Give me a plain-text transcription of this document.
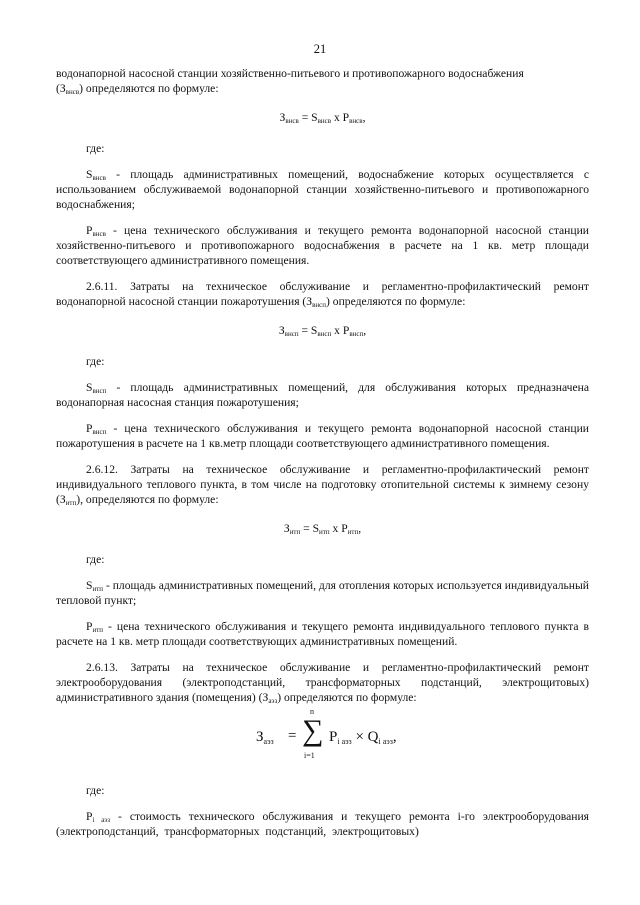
21

водонапорной насосной станции хозяйственно-питьевого и противопожарного водоснабжения
$(З_{внсв})$ определяются по формуле:

$З_{внсв} = S_{внсв}$ x $P_{внсв}$,

где:

$S_{внсв}$ - площадь административных помещений, водоснабжение которых осуществляется с использованием обслуживаемой водонапорной станции хозяйственно-питьевого и противопожарного водоснабжения;

$P_{внсв}$ - цена технического обслуживания и текущего ремонта водонапорной насосной станции хозяйственно-питьевого и противопожарного водоснабжения в расчете на 1 кв. метр площади соответствующего административного помещения.

2.6.11. Затраты на техническое обслуживание и регламентно-профилактический ремонт водонапорной насосной станции пожаротушения $(З_{внсп})$ определяются по формуле:

$З_{внсп} = S_{внсп}$ x $P_{внсп}$,

где:

$S_{внсп}$ - площадь административных помещений, для обслуживания которых предназначена водонапорная насосная станция пожаротушения;

$P_{внсп}$ - цена технического обслуживания и текущего ремонта водонапорной насосной станции пожаротушения в расчете на 1 кв.метр площади соответствующего административного помещения.

2.6.12. Затраты на техническое обслуживание и регламентно-профилактический ремонт индивидуального теплового пункта, в том числе на подготовку отопительной системы к зимнему сезону $(З_{итп})$, определяются по формуле:

$З_{итп} = S_{итп}$ x $P_{итп}$,

где:

$S_{итп}$ - площадь административных помещений, для отопления которых используется индивидуальный тепловой пункт;

$P_{итп}$ - цена технического обслуживания и текущего ремонта индивидуального теплового пункта в расчете на 1 кв. метр площади соответствующих административных помещений.

2.6.13. Затраты на техническое обслуживание и регламентно-профилактический ремонт электрооборудования (электроподстанций, трансформаторных подстанций, электрощитовых) административного здания (помещения) $(З_{аэз})$ определяются по формуле:

$З_{аэз}$ =
n
∑
i=1
$P_{i аэз} \times Q_{i аэз}$,

где:

$P_{i аэз}$ - стоимость технического обслуживания и текущего ремонта i-го электрооборудования (электроподстанций, трансформаторных подстанций, электрощитовых)
